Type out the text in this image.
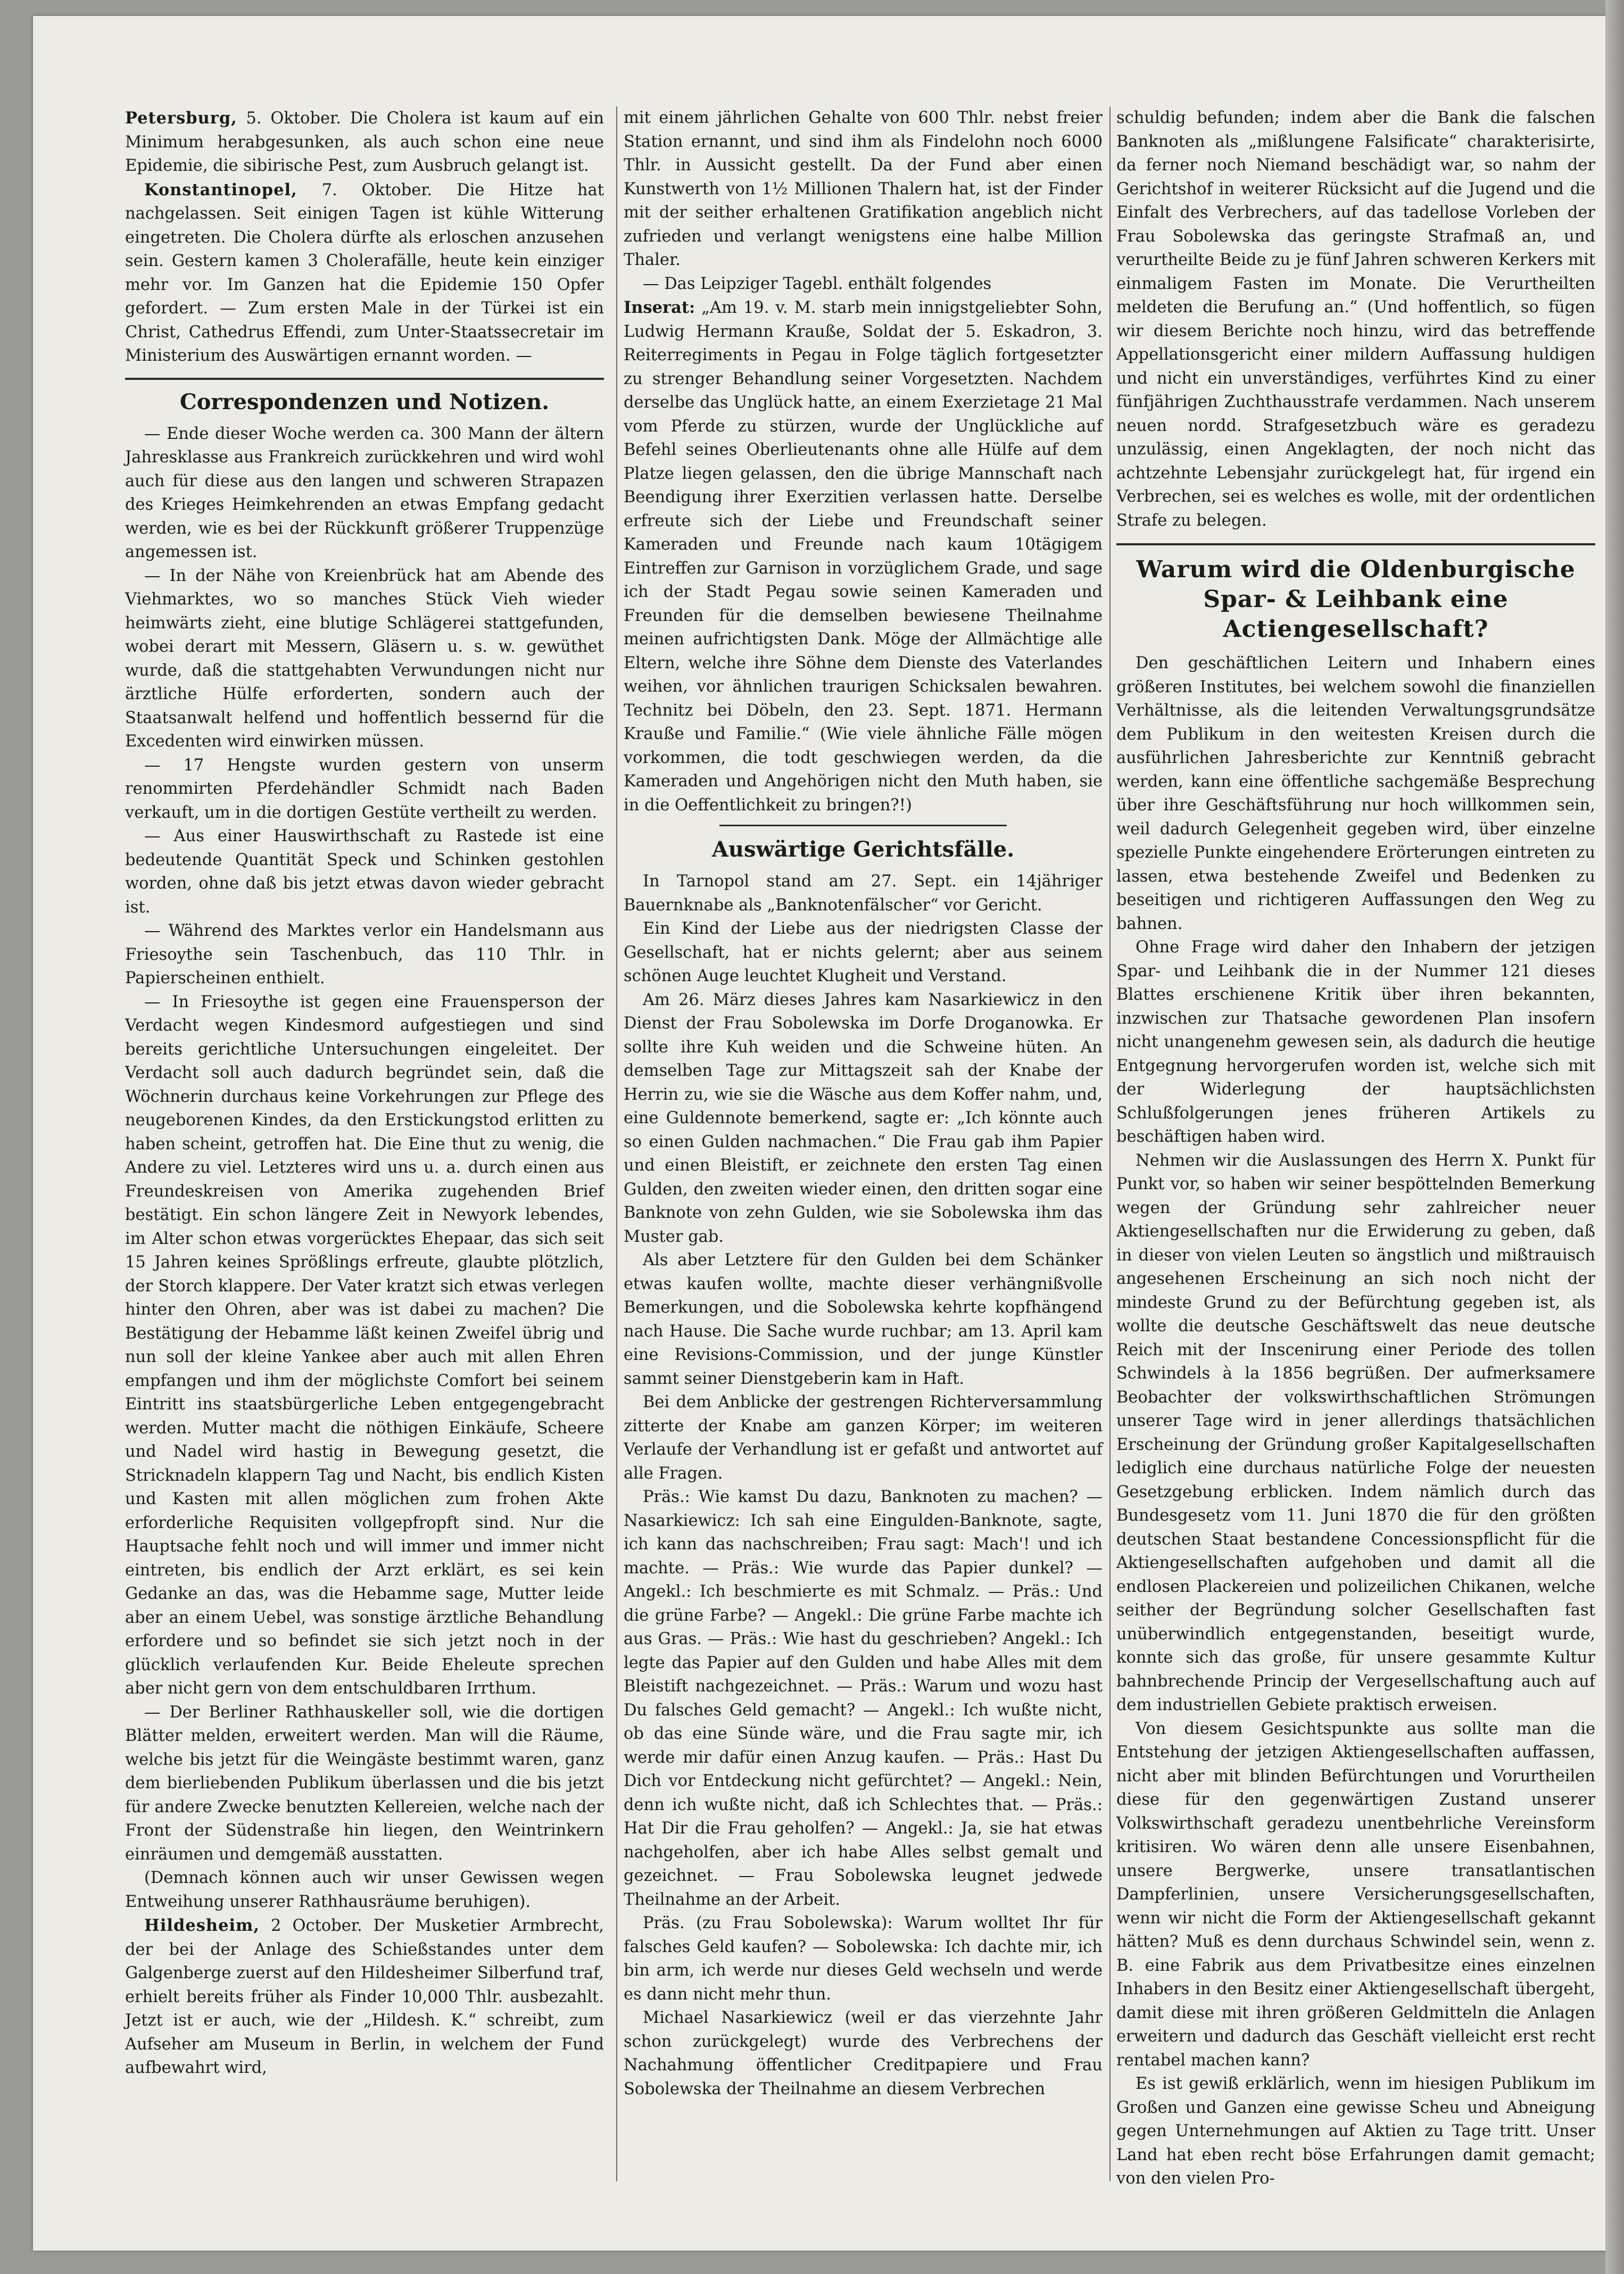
Petersburg, 5. Oktober. Die Cholera ist kaum auf ein Minimum herabgesunken, als auch schon eine neue Epidemie, die sibirische Pest, zum Ausbruch gelangt ist.

Konstantinopel, 7. Oktober. Die Hitze hat nachgelassen. Seit einigen Tagen ist kühle Witterung eingetreten. Die Cholera dürfte als erloschen anzusehen sein. Gestern kamen 3 Cholerafälle, heute kein einziger mehr vor. Im Ganzen hat die Epidemie 150 Opfer gefordert. — Zum ersten Male in der Türkei ist ein Christ, Cathedrus Effendi, zum Unter-Staatssecretair im Ministerium des Auswärtigen ernannt worden. —

Correspondenzen und Notizen.

— Ende dieser Woche werden ca. 300 Mann der ältern Jahresklasse aus Frankreich zurückkehren und wird wohl auch für diese aus den langen und schweren Strapazen des Krieges Heimkehrenden an etwas Empfang gedacht werden, wie es bei der Rückkunft größerer Truppenzüge angemessen ist.

— In der Nähe von Kreienbrück hat am Abende des Viehmarktes, wo so manches Stück Vieh wieder heimwärts zieht, eine blutige Schlägerei stattgefunden, wobei derart mit Messern, Gläsern u. s. w. gewüthet wurde, daß die stattgehabten Verwundungen nicht nur ärztliche Hülfe erforderten, sondern auch der Staatsanwalt helfend und hoffentlich bessernd für die Excedenten wird einwirken müssen.

— 17 Hengste wurden gestern von unserm renommirten Pferdehändler Schmidt nach Baden verkauft, um in die dortigen Gestüte vertheilt zu werden.

— Aus einer Hauswirthschaft zu Rastede ist eine bedeutende Quantität Speck und Schinken gestohlen worden, ohne daß bis jetzt etwas davon wieder gebracht ist.

— Während des Marktes verlor ein Handelsmann aus Friesoythe sein Taschenbuch, das 110 Thlr. in Papierscheinen enthielt.

— In Friesoythe ist gegen eine Frauensperson der Verdacht wegen Kindesmord aufgestiegen und sind bereits gerichtliche Untersuchungen eingeleitet. Der Verdacht soll auch dadurch begründet sein, daß die Wöchnerin durchaus keine Vorkehrungen zur Pflege des neugeborenen Kindes, da den Erstickungstod erlitten zu haben scheint, getroffen hat. Die Eine thut zu wenig, die Andere zu viel. Letzteres wird uns u. a. durch einen aus Freundeskreisen von Amerika zugehenden Brief bestätigt. Ein schon längere Zeit in Newyork lebendes, im Alter schon etwas vorgerücktes Ehepaar, das sich seit 15 Jahren keines Sprößlings erfreute, glaubte plötzlich, der Storch klappere. Der Vater kratzt sich etwas verlegen hinter den Ohren, aber was ist dabei zu machen? Die Bestätigung der Hebamme läßt keinen Zweifel übrig und nun soll der kleine Yankee aber auch mit allen Ehren empfangen und ihm der möglichste Comfort bei seinem Eintritt ins staatsbürgerliche Leben entgegengebracht werden. Mutter macht die nöthigen Einkäufe, Scheere und Nadel wird hastig in Bewegung gesetzt, die Stricknadeln klappern Tag und Nacht, bis endlich Kisten und Kasten mit allen möglichen zum frohen Akte erforderliche Requisiten vollgepfropft sind. Nur die Hauptsache fehlt noch und will immer und immer nicht eintreten, bis endlich der Arzt erklärt, es sei kein Gedanke an das, was die Hebamme sage, Mutter leide aber an einem Uebel, was sonstige ärztliche Behandlung erfordere und so befindet sie sich jetzt noch in der glücklich verlaufenden Kur. Beide Eheleute sprechen aber nicht gern von dem entschuldbaren Irrthum.

— Der Berliner Rathhauskeller soll, wie die dortigen Blätter melden, erweitert werden. Man will die Räume, welche bis jetzt für die Weingäste bestimmt waren, ganz dem bierliebenden Publikum überlassen und die bis jetzt für andere Zwecke benutzten Kellereien, welche nach der Front der Südenstraße hin liegen, den Weintrinkern einräumen und demgemäß ausstatten.

(Demnach können auch wir unser Gewissen wegen Entweihung unserer Rathhausräume beruhigen).

Hildesheim, 2 October. Der Musketier Armbrecht, der bei der Anlage des Schießstandes unter dem Galgenberge zuerst auf den Hildesheimer Silberfund traf, erhielt bereits früher als Finder 10,000 Thlr. ausbezahlt. Jetzt ist er auch, wie der „Hildesh. K.“ schreibt, zum Aufseher am Museum in Berlin, in welchem der Fund aufbewahrt wird,

mit einem jährlichen Gehalte von 600 Thlr. nebst freier Station ernannt, und sind ihm als Findelohn noch 6000 Thlr. in Aussicht gestellt. Da der Fund aber einen Kunstwerth von 1½ Millionen Thalern hat, ist der Finder mit der seither erhaltenen Gratifikation angeblich nicht zufrieden und verlangt wenigstens eine halbe Million Thaler.

— Das Leipziger Tagebl. enthält folgendes

Inserat: „Am 19. v. M. starb mein innigstgeliebter Sohn, Ludwig Hermann Krauße, Soldat der 5. Eskadron, 3. Reiterregiments in Pegau in Folge täglich fortgesetzter zu strenger Behandlung seiner Vorgesetzten. Nachdem derselbe das Unglück hatte, an einem Exerzietage 21 Mal vom Pferde zu stürzen, wurde der Unglückliche auf Befehl seines Oberlieutenants ohne alle Hülfe auf dem Platze liegen gelassen, den die übrige Mannschaft nach Beendigung ihrer Exerzitien verlassen hatte. Derselbe erfreute sich der Liebe und Freundschaft seiner Kameraden und Freunde nach kaum 10tägigem Eintreffen zur Garnison in vorzüglichem Grade, und sage ich der Stadt Pegau sowie seinen Kameraden und Freunden für die demselben bewiesene Theilnahme meinen aufrichtigsten Dank. Möge der Allmächtige alle Eltern, welche ihre Söhne dem Dienste des Vaterlandes weihen, vor ähnlichen traurigen Schicksalen bewahren. Technitz bei Döbeln, den 23. Sept. 1871. Hermann Krauße und Familie.“ (Wie viele ähnliche Fälle mögen vorkommen, die todt geschwiegen werden, da die Kameraden und Angehörigen nicht den Muth haben, sie in die Oeffentlichkeit zu bringen?!)

Auswärtige Gerichtsfälle.

In Tarnopol stand am 27. Sept. ein 14jähriger Bauernknabe als „Banknotenfälscher“ vor Gericht.

Ein Kind der Liebe aus der niedrigsten Classe der Gesellschaft, hat er nichts gelernt; aber aus seinem schönen Auge leuchtet Klugheit und Verstand.

Am 26. März dieses Jahres kam Nasarkiewicz in den Dienst der Frau Sobolewska im Dorfe Droganowka. Er sollte ihre Kuh weiden und die Schweine hüten. An demselben Tage zur Mittagszeit sah der Knabe der Herrin zu, wie sie die Wäsche aus dem Koffer nahm, und, eine Guldennote bemerkend, sagte er: „Ich könnte auch so einen Gulden nachmachen.“ Die Frau gab ihm Papier und einen Bleistift, er zeichnete den ersten Tag einen Gulden, den zweiten wieder einen, den dritten sogar eine Banknote von zehn Gulden, wie sie Sobolewska ihm das Muster gab.

Als aber Letztere für den Gulden bei dem Schänker etwas kaufen wollte, machte dieser verhängnißvolle Bemerkungen, und die Sobolewska kehrte kopfhängend nach Hause. Die Sache wurde ruchbar; am 13. April kam eine Revisions-Commission, und der junge Künstler sammt seiner Dienstgeberin kam in Haft.

Bei dem Anblicke der gestrengen Richterversammlung zitterte der Knabe am ganzen Körper; im weiteren Verlaufe der Verhandlung ist er gefaßt und antwortet auf alle Fragen.

Präs.: Wie kamst Du dazu, Banknoten zu machen? — Nasarkiewicz: Ich sah eine Eingulden-Banknote, sagte, ich kann das nachschreiben; Frau sagt: Mach'! und ich machte. — Präs.: Wie wurde das Papier dunkel? — Angekl.: Ich beschmierte es mit Schmalz. — Präs.: Und die grüne Farbe? — Angekl.: Die grüne Farbe machte ich aus Gras. — Präs.: Wie hast du geschrieben? Angekl.: Ich legte das Papier auf den Gulden und habe Alles mit dem Bleistift nachgezeichnet. — Präs.: Warum und wozu hast Du falsches Geld gemacht? — Angekl.: Ich wußte nicht, ob das eine Sünde wäre, und die Frau sagte mir, ich werde mir dafür einen Anzug kaufen. — Präs.: Hast Du Dich vor Entdeckung nicht gefürchtet? — Angekl.: Nein, denn ich wußte nicht, daß ich Schlechtes that. — Präs.: Hat Dir die Frau geholfen? — Angekl.: Ja, sie hat etwas nachgeholfen, aber ich habe Alles selbst gemalt und gezeichnet. — Frau Sobolewska leugnet jedwede Theilnahme an der Arbeit.

Präs. (zu Frau Sobolewska): Warum wolltet Ihr für falsches Geld kaufen? — Sobolewska: Ich dachte mir, ich bin arm, ich werde nur dieses Geld wechseln und werde es dann nicht mehr thun.

Michael Nasarkiewicz (weil er das vierzehnte Jahr schon zurückgelegt) wurde des Verbrechens der Nachahmung öffentlicher Creditpapiere und Frau Sobolewska der Theilnahme an diesem Verbrechen

schuldig befunden; indem aber die Bank die falschen Banknoten als „mißlungene Falsificate“ charakterisirte, da ferner noch Niemand beschädigt war, so nahm der Gerichtshof in weiterer Rücksicht auf die Jugend und die Einfalt des Verbrechers, auf das tadellose Vorleben der Frau Sobolewska das geringste Strafmaß an, und verurtheilte Beide zu je fünf Jahren schweren Kerkers mit einmaligem Fasten im Monate. Die Verurtheilten meldeten die Berufung an.“ (Und hoffentlich, so fügen wir diesem Berichte noch hinzu, wird das betreffende Appellationsgericht einer mildern Auffassung huldigen und nicht ein unverständiges, verführtes Kind zu einer fünfjährigen Zuchthausstrafe verdammen. Nach unserem neuen nordd. Strafgesetzbuch wäre es geradezu unzulässig, einen Angeklagten, der noch nicht das achtzehnte Lebensjahr zurückgelegt hat, für irgend ein Verbrechen, sei es welches es wolle, mit der ordentlichen Strafe zu belegen.

Warum wird die Oldenburgische Spar- & Leihbank eine Actiengesellschaft?

Den geschäftlichen Leitern und Inhabern eines größeren Institutes, bei welchem sowohl die finanziellen Verhältnisse, als die leitenden Verwaltungsgrundsätze dem Publikum in den weitesten Kreisen durch die ausführlichen Jahresberichte zur Kenntniß gebracht werden, kann eine öffentliche sachgemäße Besprechung über ihre Geschäftsführung nur hoch willkommen sein, weil dadurch Gelegenheit gegeben wird, über einzelne spezielle Punkte eingehendere Erörterungen eintreten zu lassen, etwa bestehende Zweifel und Bedenken zu beseitigen und richtigeren Auffassungen den Weg zu bahnen.

Ohne Frage wird daher den Inhabern der jetzigen Spar- und Leihbank die in der Nummer 121 dieses Blattes erschienene Kritik über ihren bekannten, inzwischen zur Thatsache gewordenen Plan insofern nicht unangenehm gewesen sein, als dadurch die heutige Entgegnung hervorgerufen worden ist, welche sich mit der Widerlegung der hauptsächlichsten Schlußfolgerungen jenes früheren Artikels zu beschäftigen haben wird.

Nehmen wir die Auslassungen des Herrn X. Punkt für Punkt vor, so haben wir seiner bespöttelnden Bemerkung wegen der Gründung sehr zahlreicher neuer Aktiengesellschaften nur die Erwiderung zu geben, daß in dieser von vielen Leuten so ängstlich und mißtrauisch angesehenen Erscheinung an sich noch nicht der mindeste Grund zu der Befürchtung gegeben ist, als wollte die deutsche Geschäftswelt das neue deutsche Reich mit der Inscenirung einer Periode des tollen Schwindels à la 1856 begrüßen. Der aufmerksamere Beobachter der volkswirthschaftlichen Strömungen unserer Tage wird in jener allerdings thatsächlichen Erscheinung der Gründung großer Kapitalgesellschaften lediglich eine durchaus natürliche Folge der neuesten Gesetzgebung erblicken. Indem nämlich durch das Bundesgesetz vom 11. Juni 1870 die für den größten deutschen Staat bestandene Concessionspflicht für die Aktiengesellschaften aufgehoben und damit all die endlosen Plackereien und polizeilichen Chikanen, welche seither der Begründung solcher Gesellschaften fast unüberwindlich entgegenstanden, beseitigt wurde, konnte sich das große, für unsere gesammte Kultur bahnbrechende Princip der Vergesellschaftung auch auf dem industriellen Gebiete praktisch erweisen.

Von diesem Gesichtspunkte aus sollte man die Entstehung der jetzigen Aktiengesellschaften auffassen, nicht aber mit blinden Befürchtungen und Vorurtheilen diese für den gegenwärtigen Zustand unserer Volkswirthschaft geradezu unentbehrliche Vereinsform kritisiren. Wo wären denn alle unsere Eisenbahnen, unsere Bergwerke, unsere transatlantischen Dampferlinien, unsere Versicherungsgesellschaften, wenn wir nicht die Form der Aktiengesellschaft gekannt hätten? Muß es denn durchaus Schwindel sein, wenn z. B. eine Fabrik aus dem Privatbesitze eines einzelnen Inhabers in den Besitz einer Aktiengesellschaft übergeht, damit diese mit ihren größeren Geldmitteln die Anlagen erweitern und dadurch das Geschäft vielleicht erst recht rentabel machen kann?

Es ist gewiß erklärlich, wenn im hiesigen Publikum im Großen und Ganzen eine gewisse Scheu und Abneigung gegen Unternehmungen auf Aktien zu Tage tritt. Unser Land hat eben recht böse Erfahrungen damit gemacht; von den vielen Pro-
